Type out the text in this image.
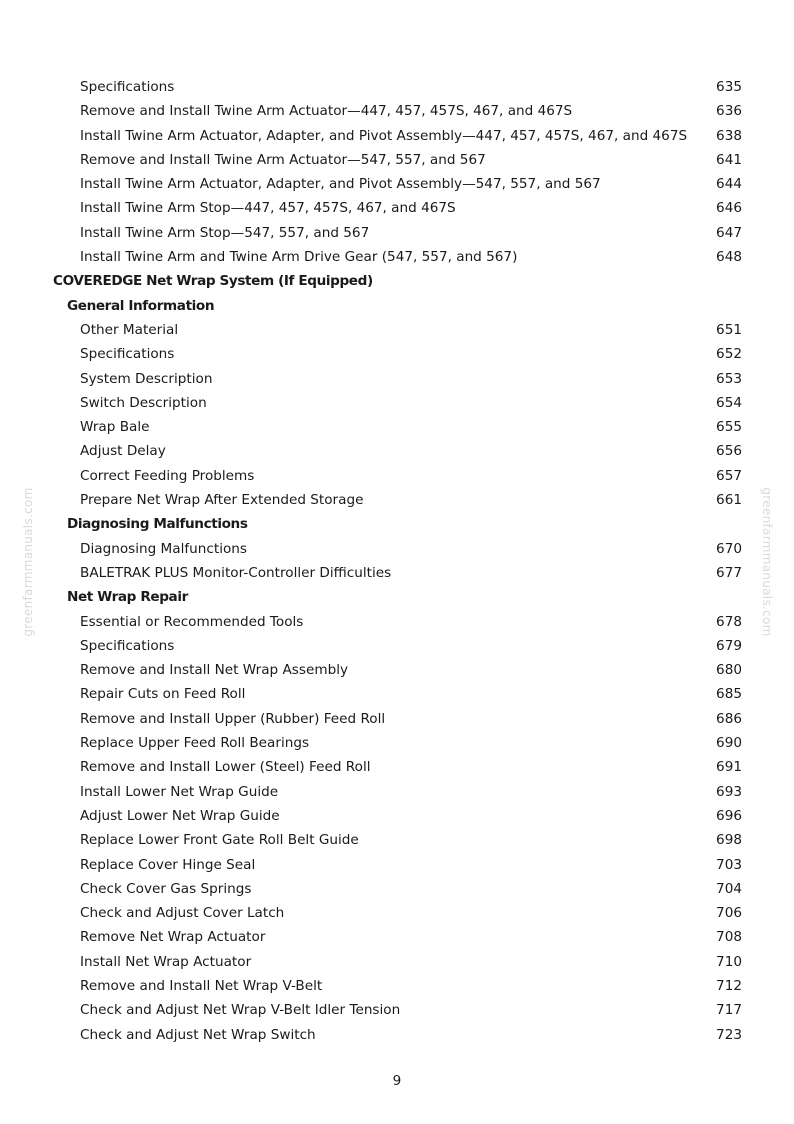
greenfarmmanuals.com	greenfarmmanuals.com
Specifications	635
Remove and Install Twine Arm Actuator—447, 457, 457S, 467, and 467S	636
Install Twine Arm Actuator, Adapter, and Pivot Assembly—447, 457, 457S, 467, and 467S 638
Remove and Install Twine Arm Actuator—547, 557, and 567	641
Install Twine Arm Actuator, Adapter, and Pivot Assembly—547, 557, and 567	644
Install Twine Arm Stop—447, 457, 457S, 467, and 467S	646
Install Twine Arm Stop—547, 557, and 567	647
Install Twine Arm and Twine Arm Drive Gear (547, 557, and 567)	648
COVEREDGE Net Wrap System (If Equipped)
General Information
Other Material	651
Specifications	652
System Description	653
Switch Description	654
Wrap Bale	655
Adjust Delay	656
Correct Feeding Problems	657
Prepare Net Wrap After Extended Storage	661
Diagnosing Malfunctions
Diagnosing Malfunctions	670
BALETRAK PLUS Monitor-Controller Difficulties	677
Net Wrap Repair
Essential or Recommended Tools	678
Specifications	679
Remove and Install Net Wrap Assembly	680
Repair Cuts on Feed Roll	685
Remove and Install Upper (Rubber) Feed Roll	686
Replace Upper Feed Roll Bearings	690
Remove and Install Lower (Steel) Feed Roll	691
Install Lower Net Wrap Guide	693
Adjust Lower Net Wrap Guide	696
Replace Lower Front Gate Roll Belt Guide	698
Replace Cover Hinge Seal	703
Check Cover Gas Springs	704
Check and Adjust Cover Latch	706
Remove Net Wrap Actuator	708
Install Net Wrap Actuator	710
Remove and Install Net Wrap V-Belt	712
Check and Adjust Net Wrap V-Belt Idler Tension	717
Check and Adjust Net Wrap Switch	723
9
